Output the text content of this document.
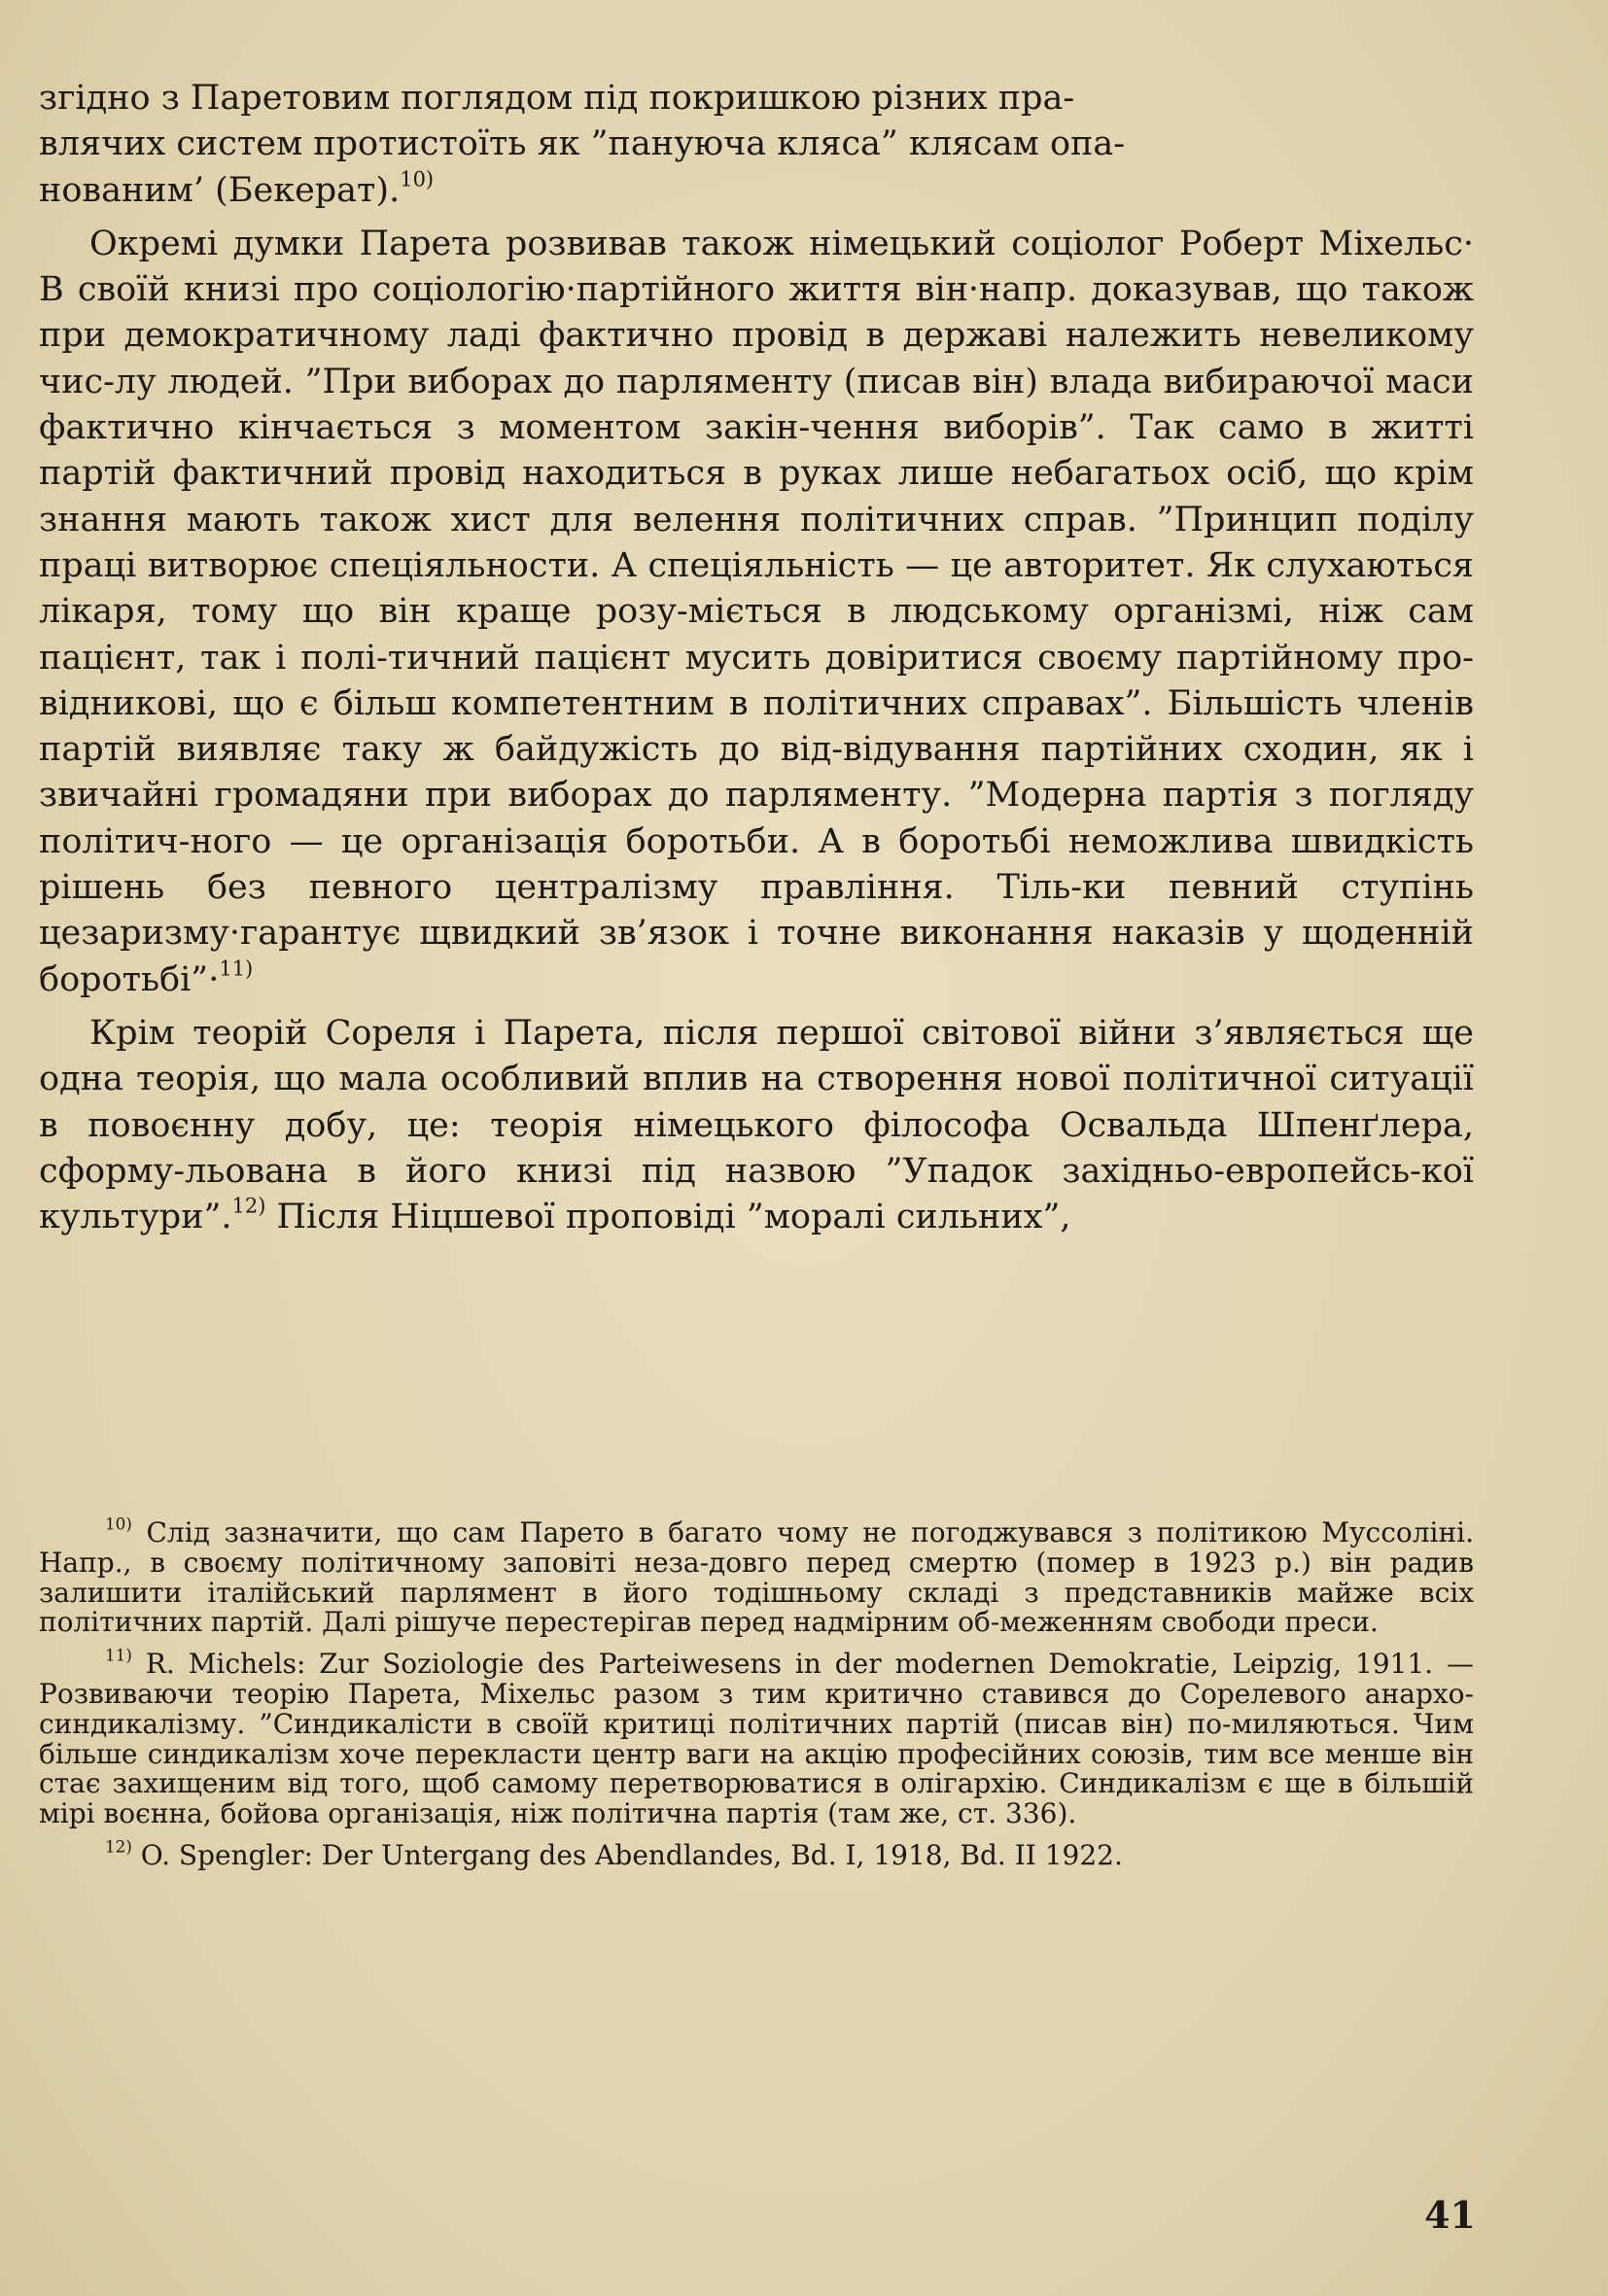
згідно з Паретовим поглядом під покришкою різних пра-
влячих систем протистоїть як ”пануюча кляса” клясам опа-
нованим’ (Бекерат).$^{10)}$

Окремі думки Парета розвивав також німецький соціолог Роберт Міхельс· В своїй книзі про соціологію·партійного життя він·напр. доказував, що також при демократичному ладі фактично провід в державі належить невеликому чис-лу людей. ”При виборах до парляменту (писав він) влада вибираючої маси фактично кінчається з моментом закін-чення виборів”. Так само в житті партій фактичний провід находиться в руках лише небагатьох осіб, що крім знання мають також хист для велення політичних справ. ”Принцип поділу праці витворює спеціяльности. А спеціяльність — це авторитет. Як слухаються лікаря, тому що він краще розу-міється в людському організмі, ніж сам пацієнт, так і полі-тичний пацієнт мусить довіритися своєму партійному про-відникові, що є більш компетентним в політичних справах”. Більшість членів партій виявляє таку ж байдужість до від-відування партійних сходин, як і звичайні громадяни при виборах до парляменту. ”Модерна партія з погляду політич-ного — це організація боротьби. А в боротьбі неможлива швидкість рішень без певного централізму правління. Тіль-ки певний ступінь цезаризму·гарантує щвидкий зв’язок і точне виконання наказів у щоденній боротьбі”·$^{11)}$

Крім теорій Сореля і Парета, після першої світової війни з’являється ще одна теорія, що мала особливий вплив на створення нової політичної ситуації в повоєнну добу, це: теорія німецького філософа Освальда Шпенґлера, сформу-льована в його книзі під назвою ”Упадок західньо-европейсь-кої культури”.$^{12)}$ Після Ніцшевої проповіді ”моралі сильних”,

$^{10)}$ Слід зазначити, що сам Парето в багато чому не погоджувався з політикою Муссоліні. Напр., в своєму політичному заповіті неза-довго перед смертю (помер в 1923 р.) він радив залишити італійський парлямент в його тодішньому складі з представників майже всіх політичних партій. Далі рішуче перестерігав перед надмірним об-меженням свободи преси.

$^{11)}$ R. Michels: Zur Soziologie des Parteiwesens in der modernen Demokratie, Leipzig, 1911. — Розвиваючи теорію Парета, Міхельс разом з тим критично ставився до Сорелевого анархо-синдикалізму. ”Синдикалісти в своїй критиці політичних партій (писав він) по-миляються. Чим більше синдикалізм хоче перекласти центр ваги на акцію професійних союзів, тим все менше він стає захищеним від того, щоб самому перетворюватися в олігархію. Синдикалізм є ще в більшій мірі воєнна, бойова організація, ніж політична партія (там же, ст. 336).

$^{12)}$ O. Spengler: Der Untergang des Abendlandes, Bd. I, 1918, Bd. II 1922.

41
